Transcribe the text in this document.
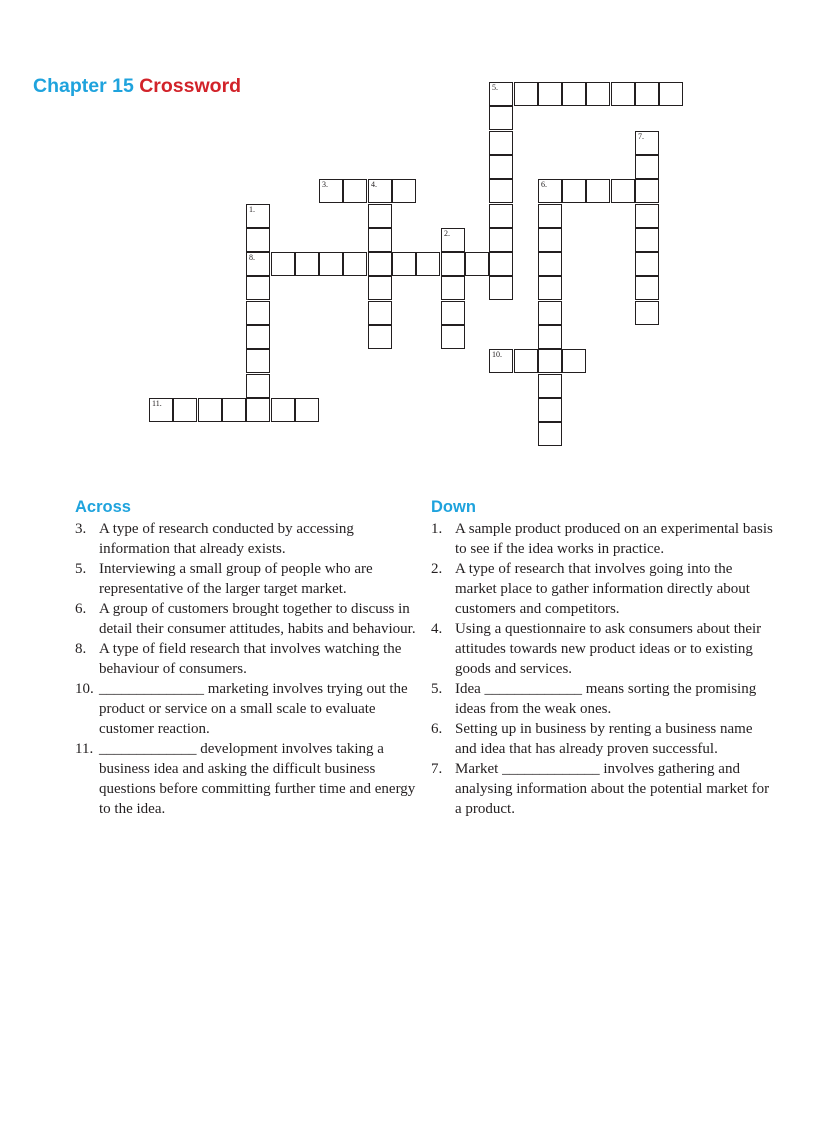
Chapter 15 Crossword
1.
8.
2.
3.	4.
5.
6.
7.
10.
11.
Across
3. A type of research conducted by accessing information that already exists.
5. Interviewing a small group of people who are representative of the larger target market.
6. A group of customers brought together to discuss in detail their consumer attitudes, habits and behaviour.
8. A type of field research that involves watching the behaviour of consumers.
10. ______________ marketing involves trying out the product or service on a small scale to evaluate customer reaction.
11. _____________ development involves taking a business idea and asking the difficult business questions before committing further time and energy to the idea.
Down
1. A sample product produced on an experimental basis to see if the idea works in practice.
2. A type of research that involves going into the market place to gather information directly about customers and competitors.
4. Using a questionnaire to ask consumers about their attitudes towards new product ideas or to existing goods and services.
5. Idea _____________ means sorting the promising ideas from the weak ones.
6. Setting up in business by renting a business name and idea that has already proven successful.
7. Market _____________ involves gathering and analysing information about the potential market for a product.
